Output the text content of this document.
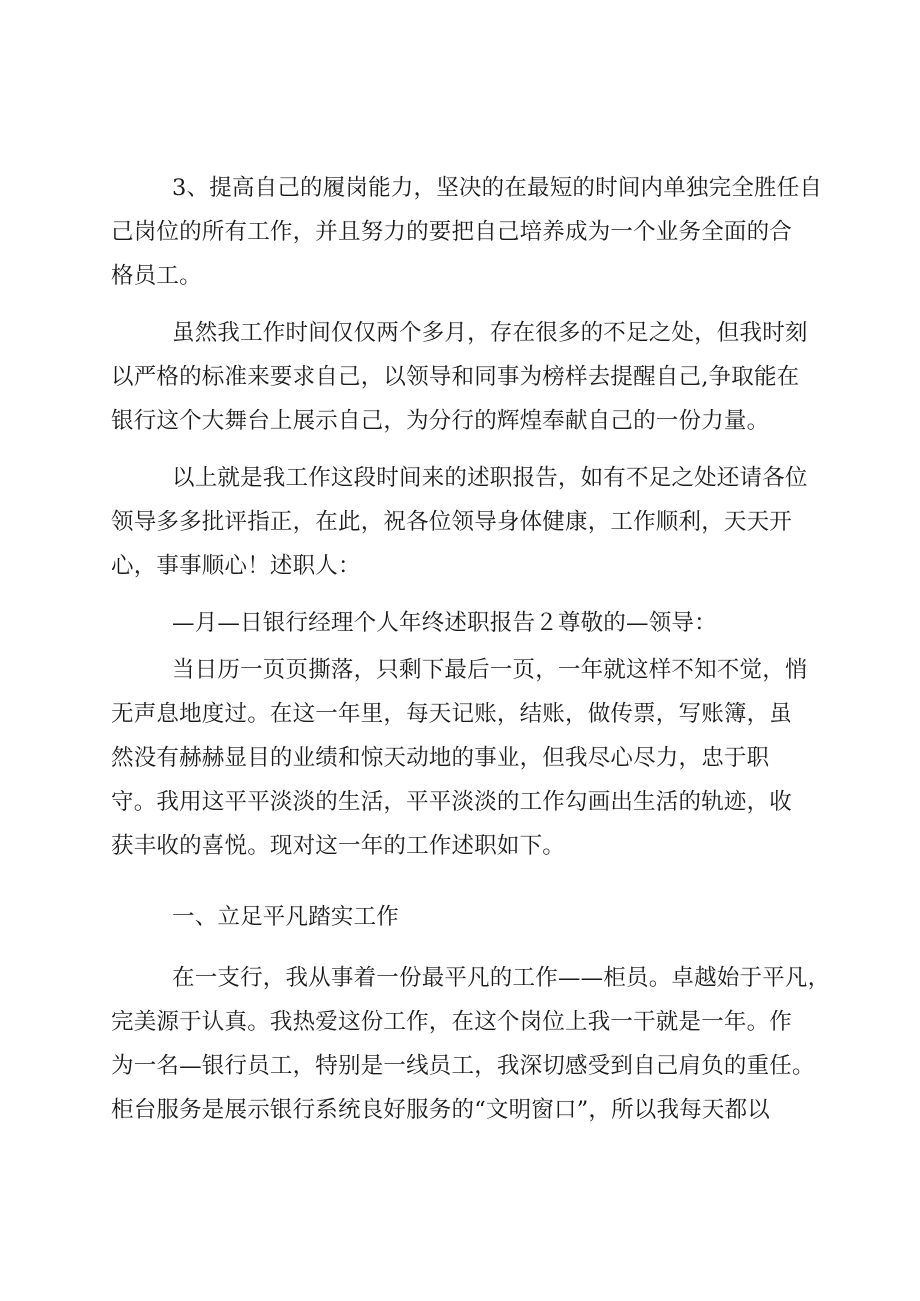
3、提高自己的履岗能力，坚决的在最短的时间内单独完全胜任自
己岗位的所有工作，并且努力的要把自己培养成为一个业务全面的合
格员工。
虽然我工作时间仅仅两个多月，存在很多的不足之处，但我时刻
以严格的标准来要求自己，以领导和同事为榜样去提醒自己,争取能在
银行这个大舞台上展示自己，为分行的辉煌奉献自己的一份力量。
以上就是我工作这段时间来的述职报告，如有不足之处还请各位
领导多多批评指正，在此，祝各位领导身体健康，工作顺利，天天开
心，事事顺心！述职人：
—月—日银行经理个人年终述职报告２尊敬的—领导：
当日历一页页撕落，只剩下最后一页，一年就这样不知不觉，悄
无声息地度过。在这一年里，每天记账，结账，做传票，写账簿，虽
然没有赫赫显目的业绩和惊天动地的事业，但我尽心尽力，忠于职
守。我用这平平淡淡的生活，平平淡淡的工作勾画出生活的轨迹，收
获丰收的喜悦。现对这一年的工作述职如下。
一、立足平凡踏实工作
在一支行，我从事着一份最平凡的工作——柜员。卓越始于平凡，
完美源于认真。我热爱这份工作，在这个岗位上我一干就是一年。作
为一名—银行员工，特别是一线员工，我深切感受到自己肩负的重任。
柜台服务是展示银行系统良好服务的“文明窗口”，所以我每天都以
